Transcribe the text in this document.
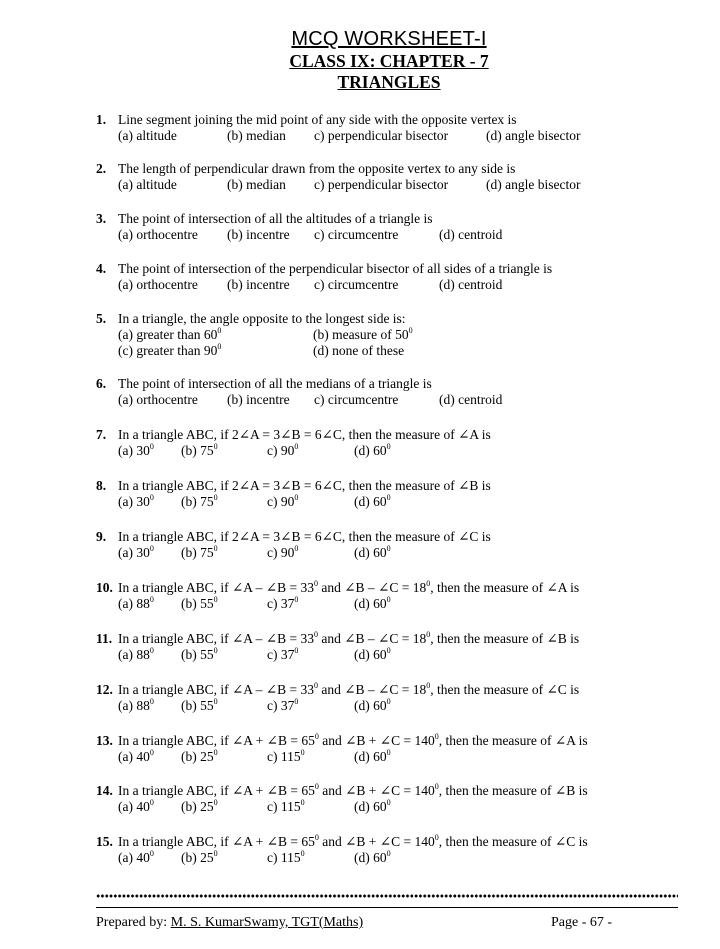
MCQ WORKSHEET-I
CLASS IX: CHAPTER - 7
TRIANGLES
1. Line segment joining the mid point of any side with the opposite vertex is
(a) altitude	(b) median c) perpendicular bisector	(d) angle bisector
2. The length of perpendicular drawn from the opposite vertex to any side is
(a) altitude	(b) median c) perpendicular bisector	(d) angle bisector
3. The point of intersection of all the altitudes of a triangle is
(a) orthocentre (b) incentre c) circumcentre	(d) centroid
4. The point of intersection of the perpendicular bisector of all sides of a triangle is
(a) orthocentre (b) incentre c) circumcentre	(d) centroid
5. In a triangle, the angle opposite to the longest side is:
(a) greater than $60^0$	(b) measure of $50^0$
(c) greater than $90^0$	(d) none of these
6. The point of intersection of all the medians of a triangle is
(a) orthocentre (b) incentre c) circumcentre	(d) centroid
7. In a triangle ABC, if 2∠A = 3∠B = 6∠C, then the measure of ∠A is
(a) $30^0$ (b) $75^0$	c) $90^0$	(d) $60^0$
8. In a triangle ABC, if 2∠A = 3∠B = 6∠C, then the measure of ∠B is
(a) $30^0$ (b) $75^0$	c) $90^0$	(d) $60^0$
9. In a triangle ABC, if 2∠A = 3∠B = 6∠C, then the measure of ∠C is
(a) $30^0$ (b) $75^0$	c) $90^0$	(d) $60^0$
10. In a triangle ABC, if ∠A – ∠B = $33^0$ and ∠B – ∠C = $18^0$, then the measure of ∠A is
(a) $88^0$ (b) $55^0$	c) $37^0$	(d) $60^0$
11. In a triangle ABC, if ∠A – ∠B = $33^0$ and ∠B – ∠C = $18^0$, then the measure of ∠B is
(a) $88^0$ (b) $55^0$	c) $37^0$	(d) $60^0$
12. In a triangle ABC, if ∠A – ∠B = $33^0$ and ∠B – ∠C = $18^0$, then the measure of ∠C is
(a) $88^0$ (b) $55^0$	c) $37^0$	(d) $60^0$
13. In a triangle ABC, if ∠A + ∠B = $65^0$ and ∠B + ∠C = $140^0$, then the measure of ∠A is
(a) $40^0$ (b) $25^0$	c) $115^0$	(d) $60^0$
14. In a triangle ABC, if ∠A + ∠B = $65^0$ and ∠B + ∠C = $140^0$, then the measure of ∠B is
(a) $40^0$ (b) $25^0$	c) $115^0$	(d) $60^0$
15. In a triangle ABC, if ∠A + ∠B = $65^0$ and ∠B + ∠C = $140^0$, then the measure of ∠C is
(a) $40^0$ (b) $25^0$	c) $115^0$	(d) $60^0$
Prepared by: M. S. KumarSwamy, TGT(Maths)	Page - 67 -
